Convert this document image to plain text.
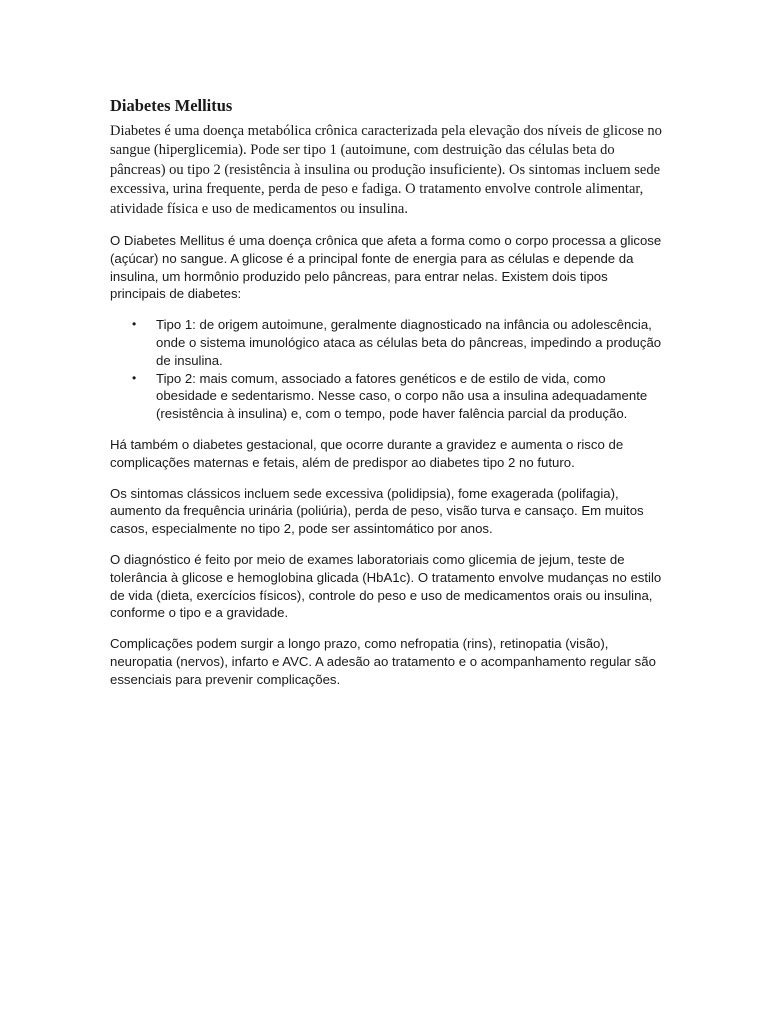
Diabetes Mellitus

Diabetes é uma doença metabólica crônica caracterizada pela elevação dos níveis de glicose no sangue (hiperglicemia). Pode ser tipo 1 (autoimune, com destruição das células beta do pâncreas) ou tipo 2 (resistência à insulina ou produção insuficiente). Os sintomas incluem sede excessiva, urina frequente, perda de peso e fadiga. O tratamento envolve controle alimentar, atividade física e uso de medicamentos ou insulina.

O Diabetes Mellitus é uma doença crônica que afeta a forma como o corpo processa a glicose (açúcar) no sangue. A glicose é a principal fonte de energia para as células e depende da insulina, um hormônio produzido pelo pâncreas, para entrar nelas. Existem dois tipos principais de diabetes:

• Tipo 1: de origem autoimune, geralmente diagnosticado na infância ou adolescência, onde o sistema imunológico ataca as células beta do pâncreas, impedindo a produção de insulina.
• Tipo 2: mais comum, associado a fatores genéticos e de estilo de vida, como obesidade e sedentarismo. Nesse caso, o corpo não usa a insulina adequadamente (resistência à insulina) e, com o tempo, pode haver falência parcial da produção.

Há também o diabetes gestacional, que ocorre durante a gravidez e aumenta o risco de complicações maternas e fetais, além de predispor ao diabetes tipo 2 no futuro.

Os sintomas clássicos incluem sede excessiva (polidipsia), fome exagerada (polifagia), aumento da frequência urinária (poliúria), perda de peso, visão turva e cansaço. Em muitos casos, especialmente no tipo 2, pode ser assintomático por anos.

O diagnóstico é feito por meio de exames laboratoriais como glicemia de jejum, teste de tolerância à glicose e hemoglobina glicada (HbA1c). O tratamento envolve mudanças no estilo de vida (dieta, exercícios físicos), controle do peso e uso de medicamentos orais ou insulina, conforme o tipo e a gravidade.

Complicações podem surgir a longo prazo, como nefropatia (rins), retinopatia (visão), neuropatia (nervos), infarto e AVC. A adesão ao tratamento e o acompanhamento regular são essenciais para prevenir complicações.
